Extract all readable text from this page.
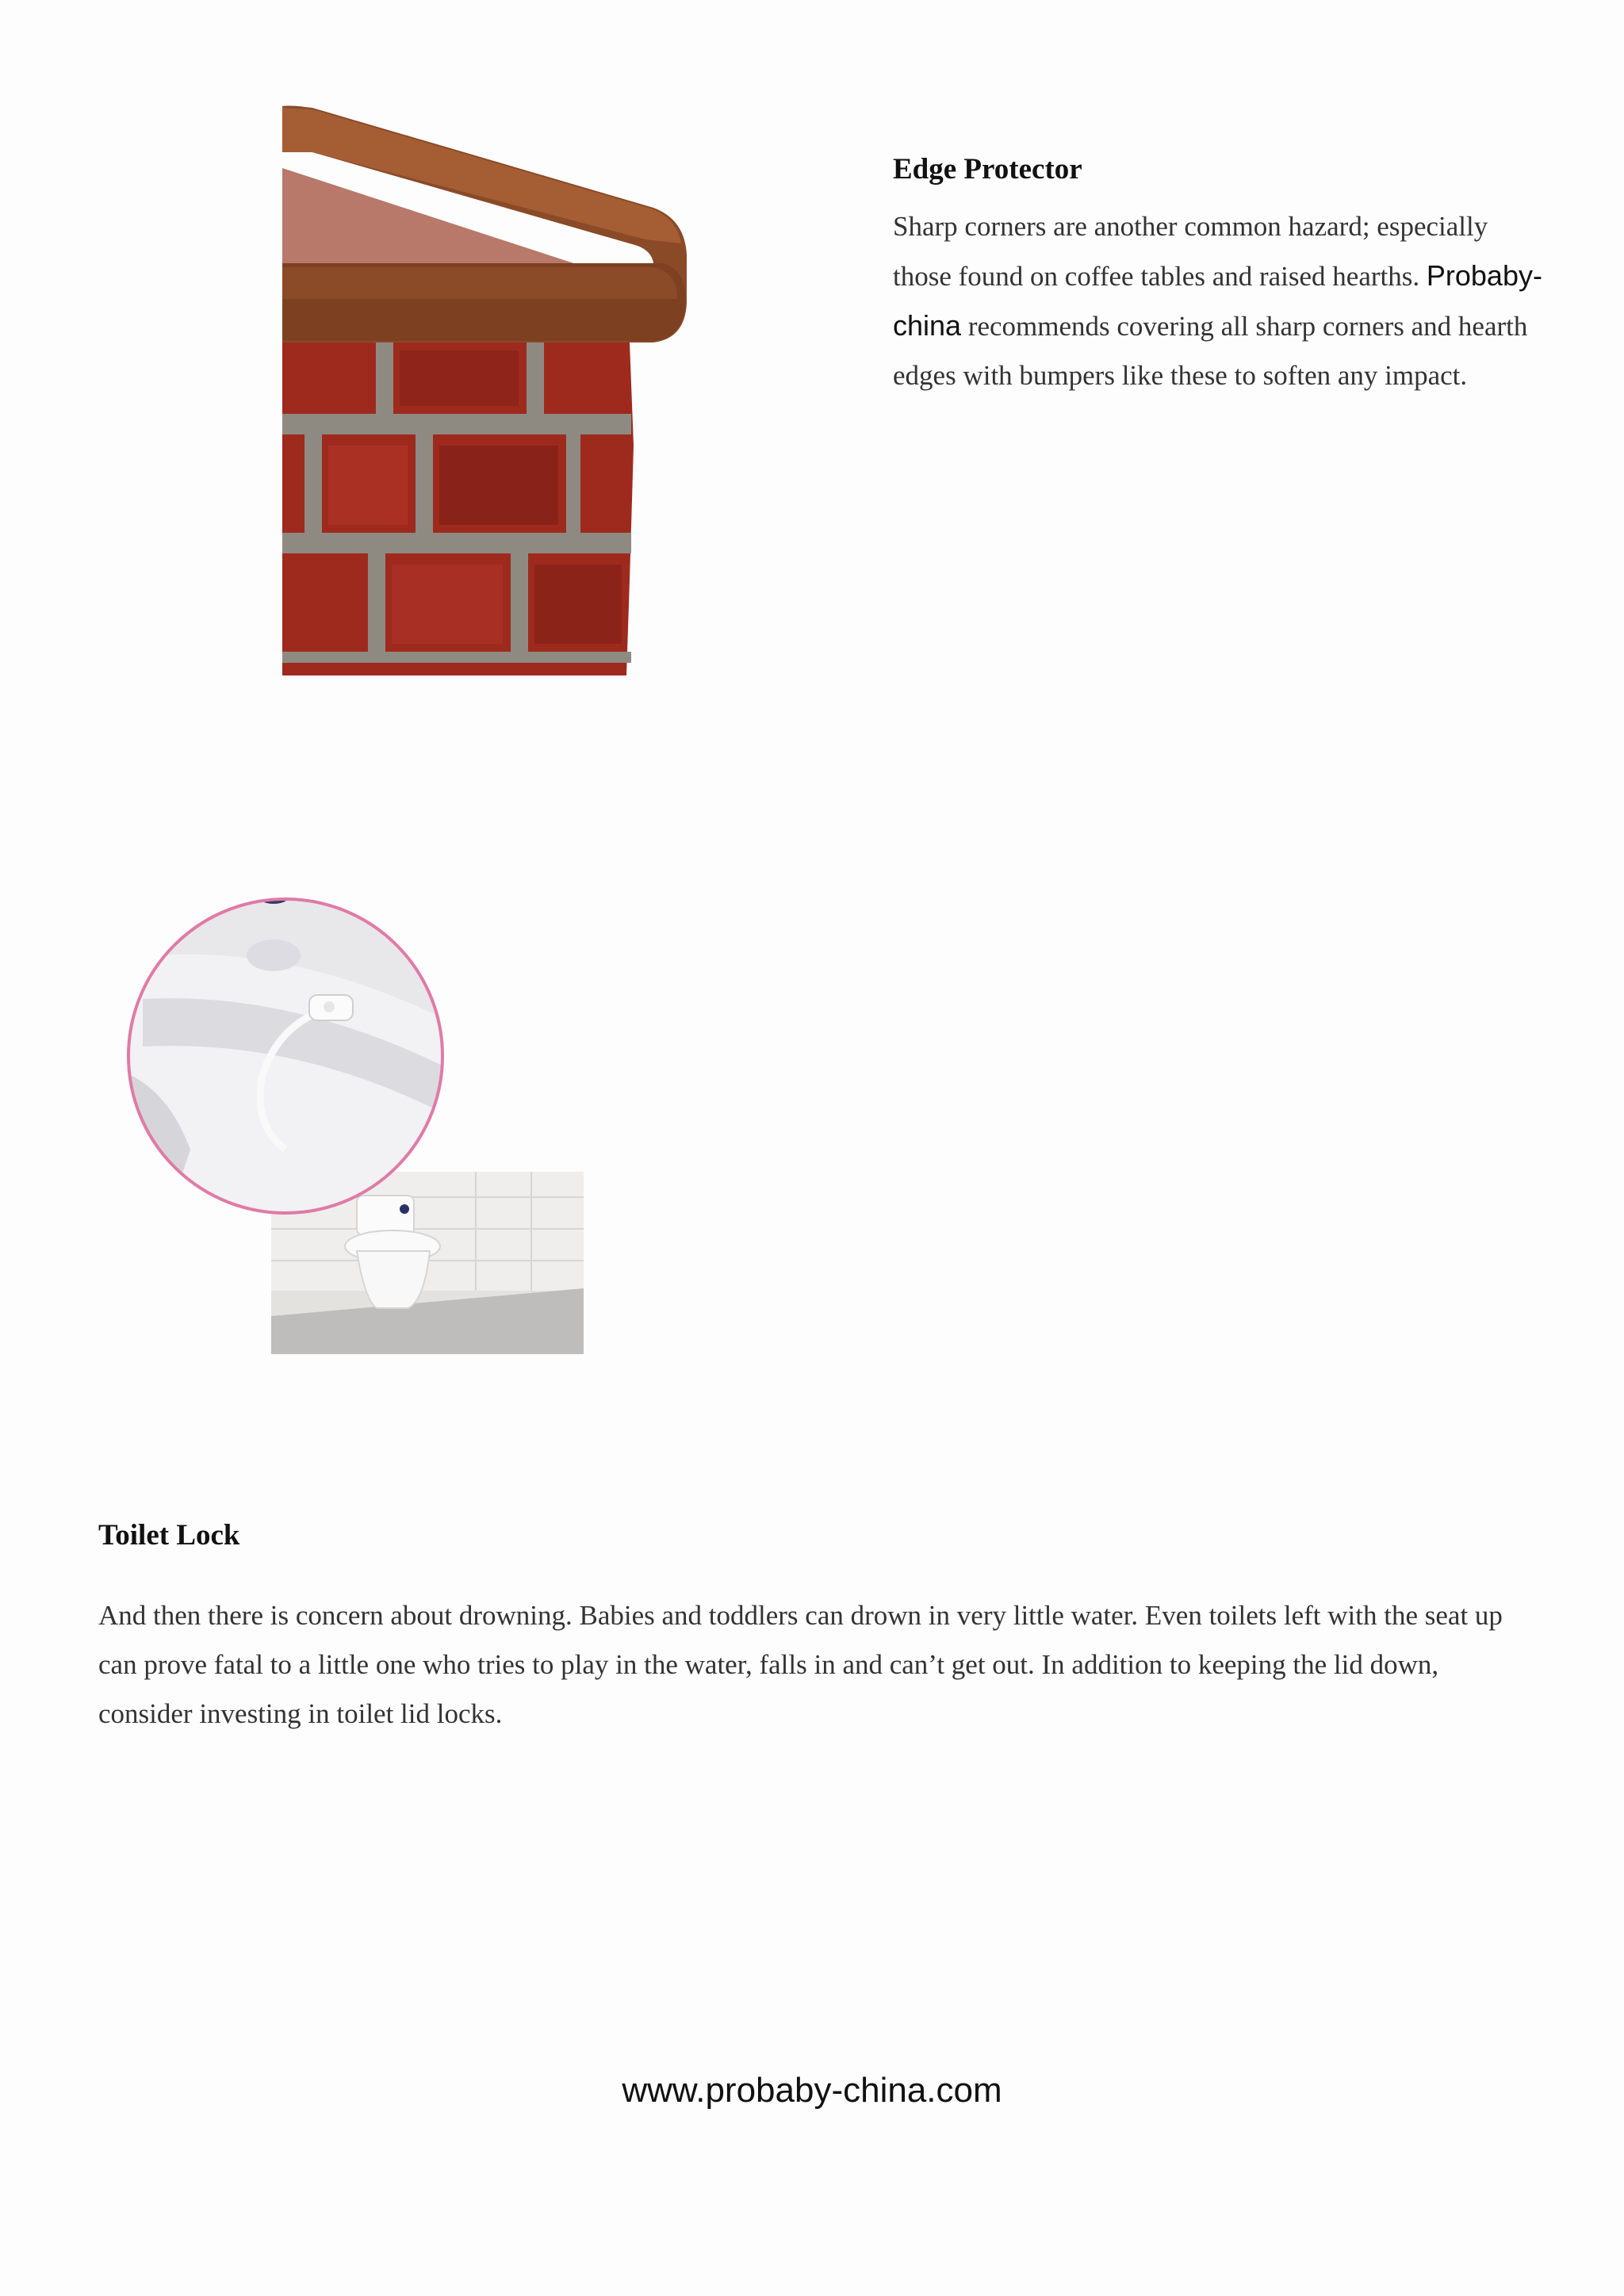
Edge Protector

Sharp corners are another common hazard; especially those found on coffee tables and raised hearths. Probaby-china recommends covering all sharp corners and hearth edges with bumpers like these to soften any impact.

Toilet Lock

And then there is concern about drowning. Babies and toddlers can drown in very little water. Even toilets left with the seat up can prove fatal to a little one who tries to play in the water, falls in and can’t get out. In addition to keeping the lid down, consider investing in toilet lid locks.

www.probaby-china.com
